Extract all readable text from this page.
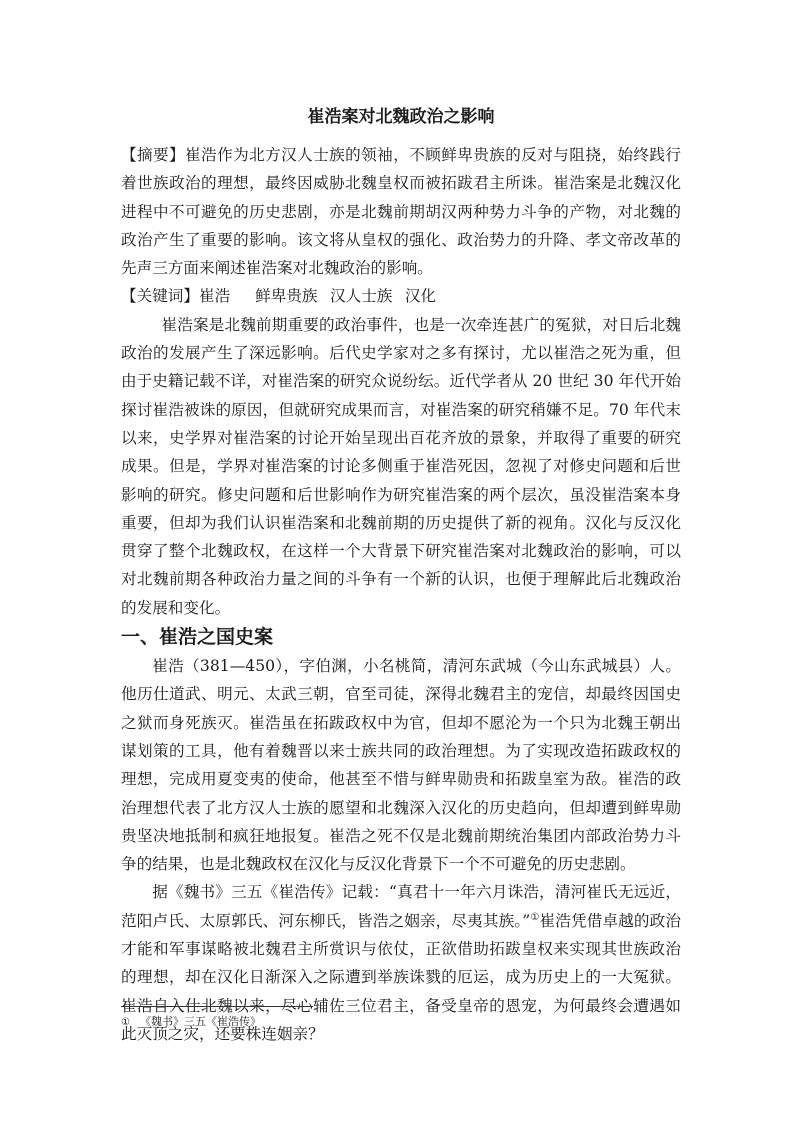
崔浩案对北魏政治之影响

【摘要】崔浩作为北方汉人士族的领袖，不顾鲜卑贵族的反对与阻挠，始终践行着世族政治的理想，最终因威胁北魏皇权而被拓跋君主所诛。崔浩案是北魏汉化进程中不可避免的历史悲剧，亦是北魏前期胡汉两种势力斗争的产物，对北魏的政治产生了重要的影响。该文将从皇权的强化、政治势力的升降、孝文帝改革的先声三方面来阐述崔浩案对北魏政治的影响。

【关键词】崔浩 鲜卑贵族 汉人士族 汉化

崔浩案是北魏前期重要的政治事件，也是一次牵连甚广的冤狱，对日后北魏政治的发展产生了深远影响。后代史学家对之多有探讨，尤以崔浩之死为重，但由于史籍记载不详，对崔浩案的研究众说纷纭。近代学者从 20 世纪 30 年代开始探讨崔浩被诛的原因，但就研究成果而言，对崔浩案的研究稍嫌不足。70 年代末以来，史学界对崔浩案的讨论开始呈现出百花齐放的景象，并取得了重要的研究成果。但是，学界对崔浩案的讨论多侧重于崔浩死因，忽视了对修史问题和后世影响的研究。修史问题和后世影响作为研究崔浩案的两个层次，虽没崔浩案本身重要，但却为我们认识崔浩案和北魏前期的历史提供了新的视角。汉化与反汉化贯穿了整个北魏政权，在这样一个大背景下研究崔浩案对北魏政治的影响，可以对北魏前期各种政治力量之间的斗争有一个新的认识，也便于理解此后北魏政治的发展和变化。

一、崔浩之国史案

崔浩（381—450），字伯渊，小名桃简，清河东武城（今山东武城县）人。他历仕道武、明元、太武三朝，官至司徒，深得北魏君主的宠信，却最终因国史之狱而身死族灭。崔浩虽在拓跋政权中为官，但却不愿沦为一个只为北魏王朝出谋划策的工具，他有着魏晋以来士族共同的政治理想。为了实现改造拓跋政权的理想，完成用夏变夷的使命，他甚至不惜与鲜卑勋贵和拓跋皇室为敌。崔浩的政治理想代表了北方汉人士族的愿望和北魏深入汉化的历史趋向，但却遭到鲜卑勋贵坚决地抵制和疯狂地报复。崔浩之死不仅是北魏前期统治集团内部政治势力斗争的结果，也是北魏政权在汉化与反汉化背景下一个不可避免的历史悲剧。

据《魏书》三五《崔浩传》记载：“真君十一年六月诛浩，清河崔氏无远近，范阳卢氏、太原郭氏、河东柳氏，皆浩之姻亲，尽夷其族。”①崔浩凭借卓越的政治才能和军事谋略被北魏君主所赏识与依仗，正欲借助拓跋皇权来实现其世族政治的理想，却在汉化日渐深入之际遭到举族诛戮的厄运，成为历史上的一大冤狱。崔浩自入仕北魏以来，尽心辅佐三位君主，备受皇帝的恩宠，为何最终会遭遇如此灭顶之灾，还要株连姻亲？

① 《魏书》三五《崔浩传》
